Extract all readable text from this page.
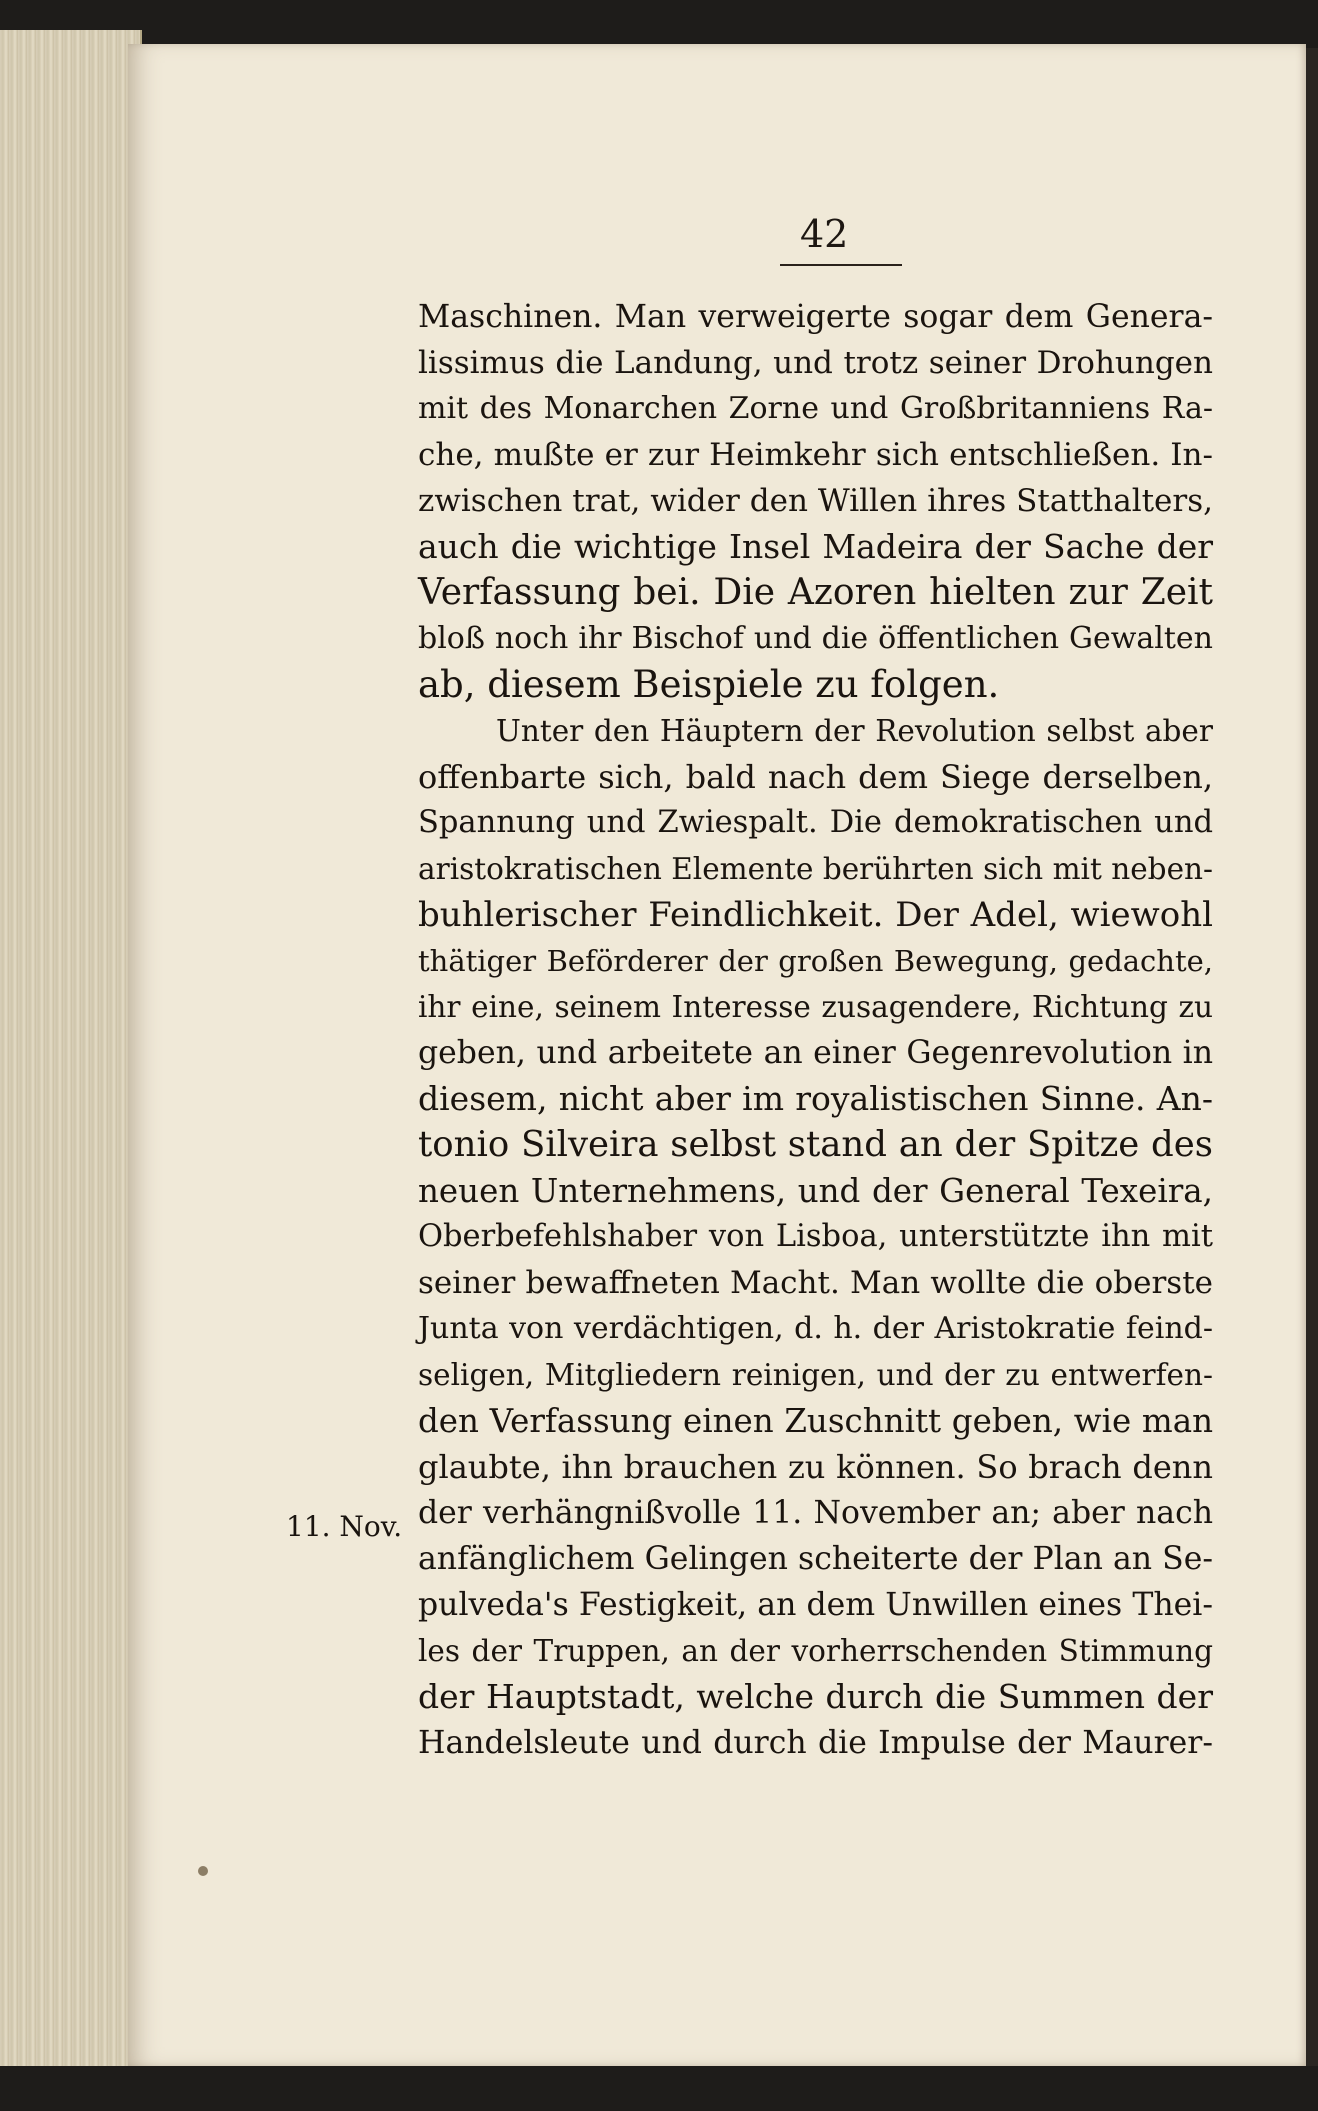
42
11. Nov.
Maschinen. Man verweigerte sogar dem Genera-
lissimus die Landung, und trotz seiner Drohungen
mit des Monarchen Zorne und Großbritanniens Ra-
che, mußte er zur Heimkehr sich entschließen. In-
zwischen trat, wider den Willen ihres Statthalters,
auch die wichtige Insel Madeira der Sache der
Verfassung bei. Die Azoren hielten zur Zeit
bloß noch ihr Bischof und die öffentlichen Gewalten
ab, diesem Beispiele zu folgen.
Unter den Häuptern der Revolution selbst aber
offenbarte sich, bald nach dem Siege derselben,
Spannung und Zwiespalt. Die demokratischen und
aristokratischen Elemente berührten sich mit neben-
buhlerischer Feindlichkeit. Der Adel, wiewohl
thätiger Beförderer der großen Bewegung, gedachte,
ihr eine, seinem Interesse zusagendere, Richtung zu
geben, und arbeitete an einer Gegenrevolution in
diesem, nicht aber im royalistischen Sinne. An-
tonio Silveira selbst stand an der Spitze des
neuen Unternehmens, und der General Texeira,
Oberbefehlshaber von Lisboa, unterstützte ihn mit
seiner bewaffneten Macht. Man wollte die oberste
Junta von verdächtigen, d. h. der Aristokratie feind-
seligen, Mitgliedern reinigen, und der zu entwerfen-
den Verfassung einen Zuschnitt geben, wie man
glaubte, ihn brauchen zu können. So brach denn
der verhängnißvolle 11. November an; aber nach
anfänglichem Gelingen scheiterte der Plan an Se-
pulveda's Festigkeit, an dem Unwillen eines Thei-
les der Truppen, an der vorherrschenden Stimmung
der Hauptstadt, welche durch die Summen der
Handelsleute und durch die Impulse der Maurer-
